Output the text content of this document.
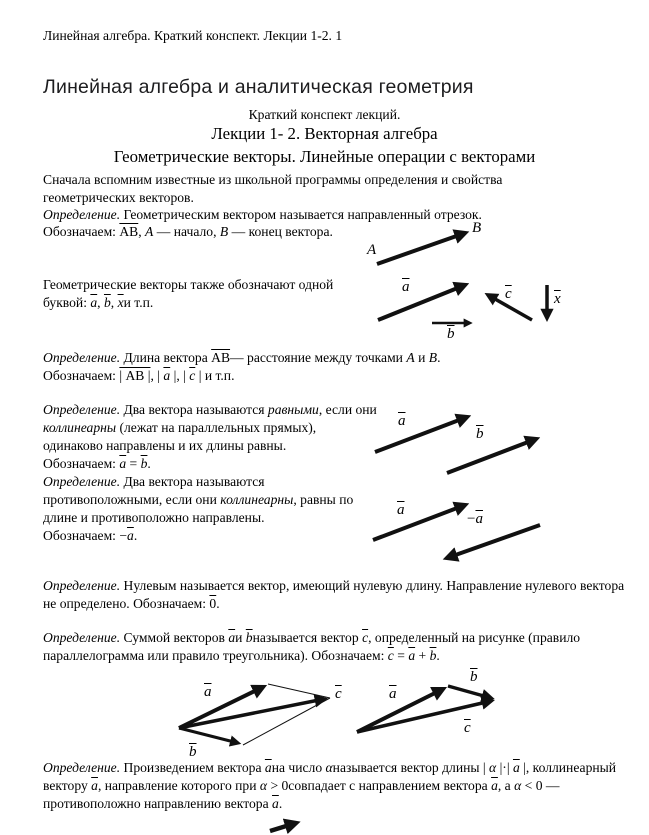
Линейная алгебра. Краткий конспект. Лекции 1-2. 1
Линейная алгебра и аналитическая геометрия
Краткий конспект лекций.
Лекции 1- 2. Векторная алгебра
Геометрические векторы. Линейные операции с векторами
Сначала вспомним известные из школьной программы определения и свойства геометрических векторов.
Определение. Геометрическим вектором называется направленный отрезок.
Обозначаем: $\overline{AB}$, A — начало, B — конец вектора.
Геометрические векторы также обозначают одной буквой: $\overline{a}$, $\overline{b}$, $\overline{x}и$ т.п.
A
B
$\overline{a}$	$\overline{c}$	$\overline{x}$
$\overline{b}$
Определение. Длина вектора $\overline{AB}—$ расстояние между точками A и B.
Обозначаем: | AB |, | $\overline{a}$ |, | $\overline{c}$ | и т.п.

Определение. Два вектора называются равными, если они коллинеарны (лежат на параллельных прямых), одинаково направлены и их длины равны.

Обозначаем: $\overline{a} = \overline{b}$.

Определение. Два вектора называются противоположными, если они коллинеарны, равны по длине и противоположно направлены.

Обозначаем: $-\overline{a}$.

$\overline{a}$
$\overline{b}$
$\overline{a}$
$-\overline{a}$
Определение. Нулевым называется вектор, имеющий нулевую длину. Направление нулевого вектора не определено. Обозначаем: 0.
Определение. Суммой векторов $\overline{a}и$ $\overline{b}называется$ вектор $\overline{c}$, определенный на рисунке (правило параллелограмма или правило треугольника). Обозначаем: $\overline{c} = \overline{a} + \overline{b}$.
$\overline{a}$	$\overline{c}$
$\overline{b}$
$\overline{a}$
$\overline{b}$
$\overline{c}$
Определение. Произведением вектора $\overline{a}на$ число αназывается вектор длины | α |·| $\overline{a}$ |, коллинеарный вектору $\overline{a}$, направление которого при α > 0совпадает с направлением вектора $\overline{a}$, а α < 0 — противоположно направлению вектора $\overline{a}$.
